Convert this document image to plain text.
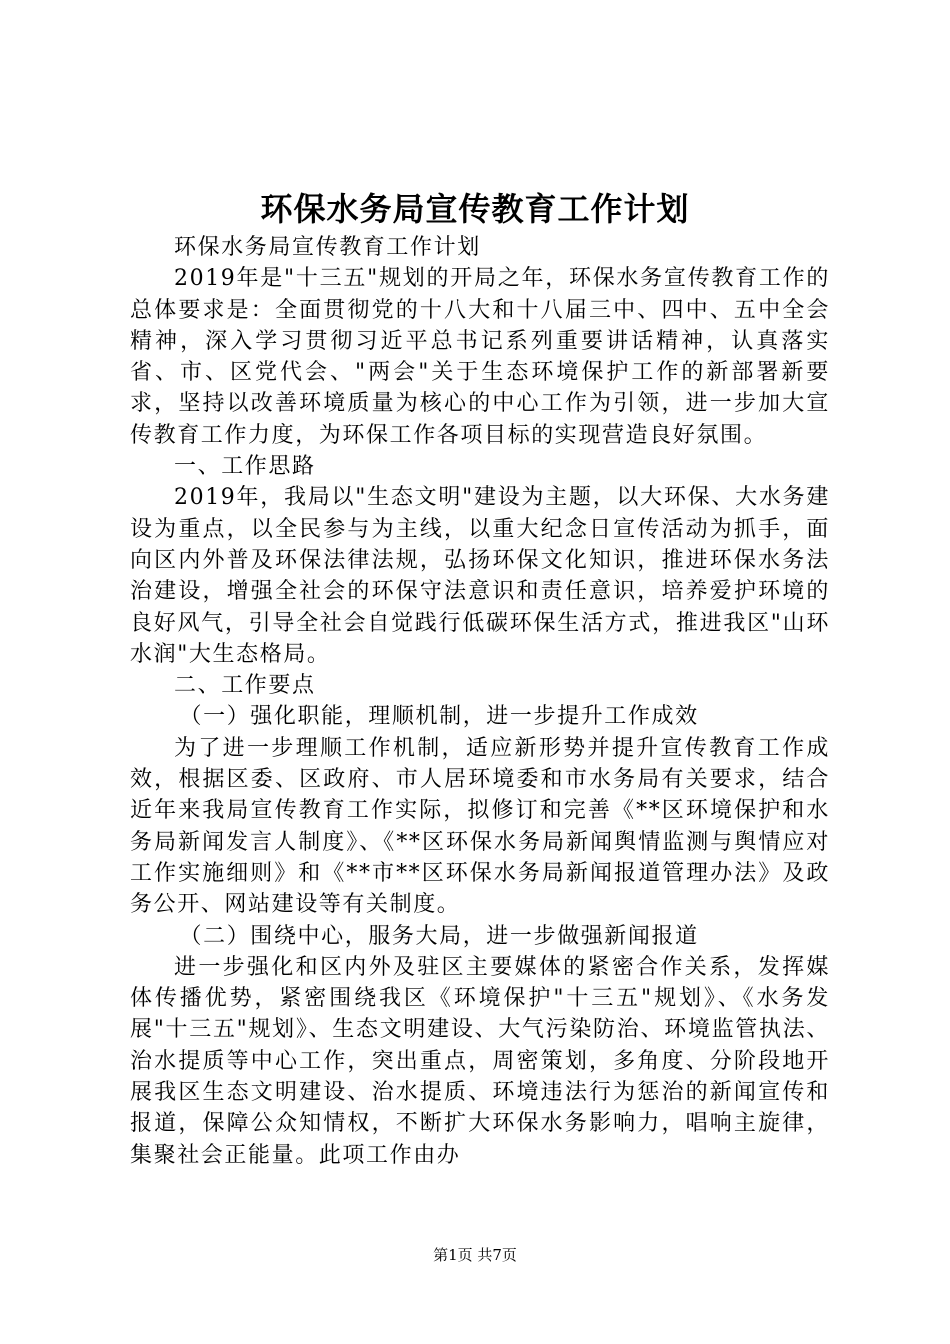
环保水务局宣传教育工作计划

环保水务局宣传教育工作计划

2019年是"十三五"规划的开局之年，环保水务宣传教育工作的总体要求是：全面贯彻党的十八大和十八届三中、四中、五中全会精神，深入学习贯彻习近平总书记系列重要讲话精神，认真落实省、市、区党代会、"两会"关于生态环境保护工作的新部署新要求，坚持以改善环境质量为核心的中心工作为引领，进一步加大宣传教育工作力度，为环保工作各项目标的实现营造良好氛围。

一、工作思路

2019年，我局以"生态文明"建设为主题，以大环保、大水务建设为重点，以全民参与为主线，以重大纪念日宣传活动为抓手，面向区内外普及环保法律法规，弘扬环保文化知识，推进环保水务法治建设，增强全社会的环保守法意识和责任意识，培养爱护环境的良好风气，引导全社会自觉践行低碳环保生活方式，推进我区"山环水润"大生态格局。

二、工作要点

（一）强化职能，理顺机制，进一步提升工作成效

为了进一步理顺工作机制，适应新形势并提升宣传教育工作成效，根据区委、区政府、市人居环境委和市水务局有关要求，结合近年来我局宣传教育工作实际，拟修订和完善《**区环境保护和水务局新闻发言人制度》、《**区环保水务局新闻舆情监测与舆情应对工作实施细则》和《**市**区环保水务局新闻报道管理办法》及政务公开、网站建设等有关制度。

（二）围绕中心，服务大局，进一步做强新闻报道

进一步强化和区内外及驻区主要媒体的紧密合作关系，发挥媒体传播优势，紧密围绕我区《环境保护"十三五"规划》、《水务发展"十三五"规划》、生态文明建设、大气污染防治、环境监管执法、治水提质等中心工作，突出重点，周密策划，多角度、分阶段地开展我区生态文明建设、治水提质、环境违法行为惩治的新闻宣传和报道，保障公众知情权，不断扩大环保水务影响力，唱响主旋律，集聚社会正能量。此项工作由办

第1页 共7页
